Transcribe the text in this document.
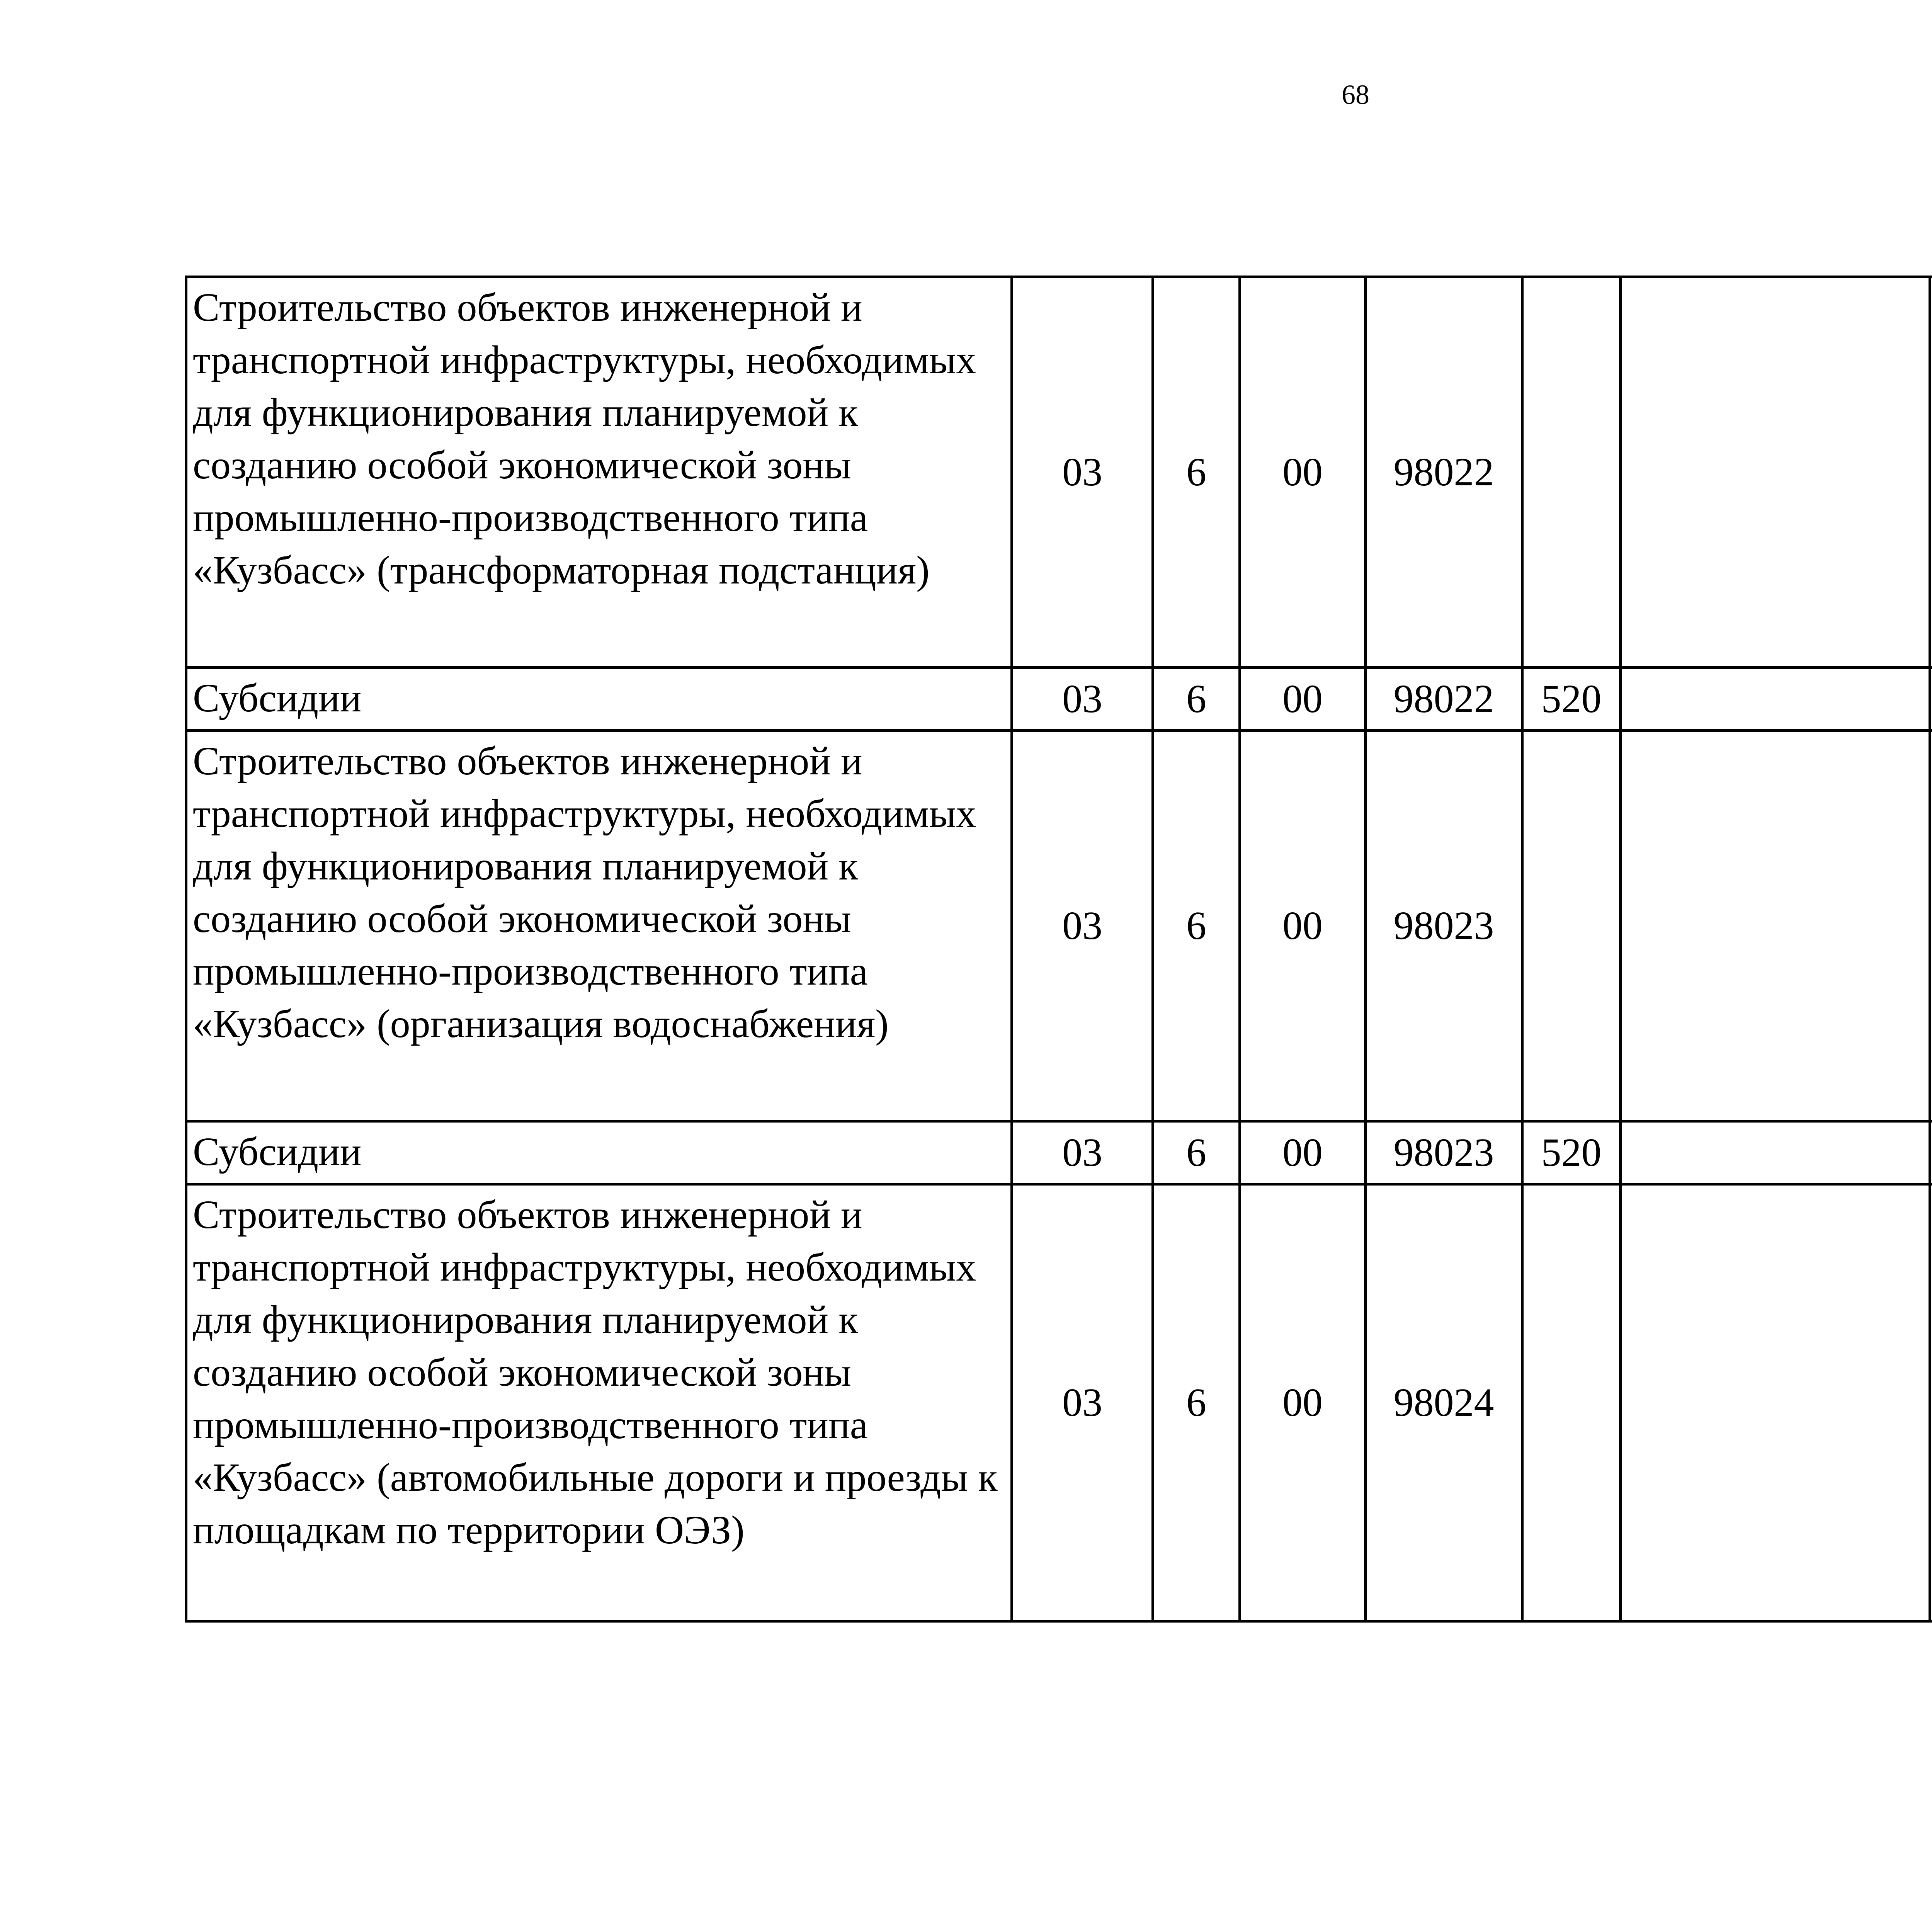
68
Строительство объектов инженерной и транспортной инфраструктуры, необходимых для функционирования планируемой к созданию особой экономической зоны промышленно-производственного типа «Кузбасс» (трансформаторная подстанция)	03	6	00	98022				
Субсидии	03	6	00	98022	520			
Строительство объектов инженерной и транспортной инфраструктуры, необходимых для функционирования планируемой к созданию особой экономической зоны промышленно-производственного типа «Кузбасс» (организация водоснабжения)	03	6	00	98023				
Субсидии	03	6	00	98023	520			
Строительство объектов инженерной и транспортной инфраструктуры, необходимых для функционирования планируемой к созданию особой экономической зоны промышленно-производственного типа «Кузбасс» (автомобильные дороги и проезды к площадкам по территории ОЭЗ)	03	6	00	98024				
